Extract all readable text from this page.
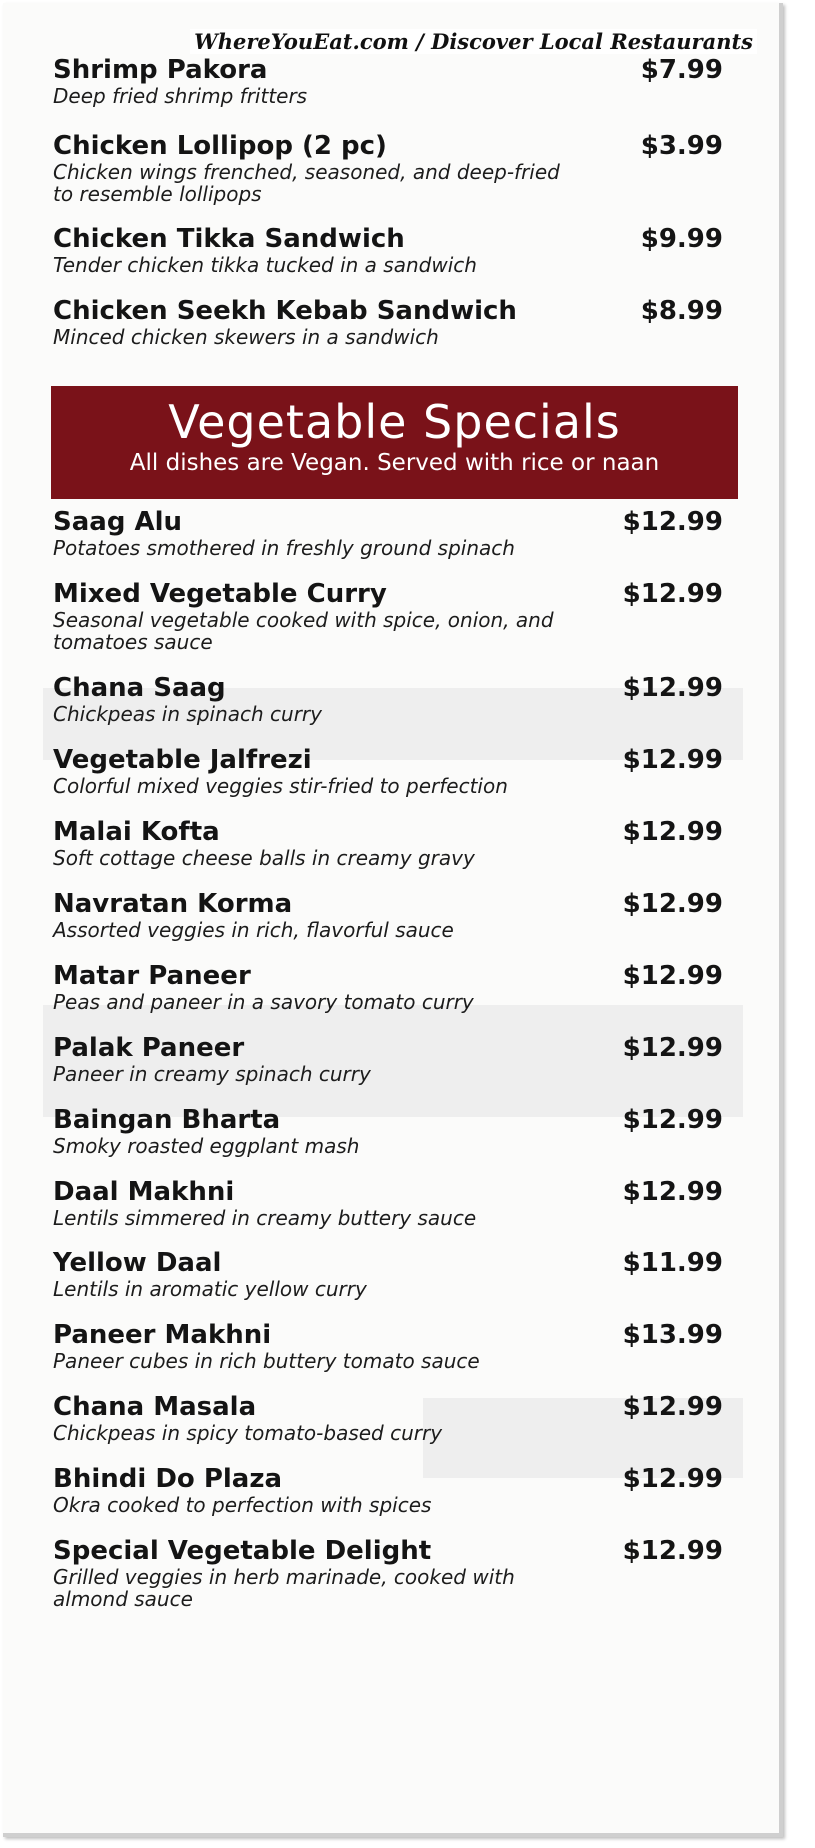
WhereYouEat.com / Discover Local Restaurants
Shrimp Pakora
Deep fried shrimp fritters
$7.99
Chicken Lollipop (2 pc)
Chicken wings frenched, seasoned, and deep-fried to resemble lollipops
$3.99
Chicken Tikka Sandwich
Tender chicken tikka tucked in a sandwich
$9.99
Chicken Seekh Kebab Sandwich
Minced chicken skewers in a sandwich
$8.99
Vegetable Specials
All dishes are Vegan. Served with rice or naan
Saag Alu
Potatoes smothered in freshly ground spinach
$12.99
Mixed Vegetable Curry
Seasonal vegetable cooked with spice, onion, and tomatoes sauce
$12.99
Chana Saag
Chickpeas in spinach curry
$12.99
Vegetable Jalfrezi
Colorful mixed veggies stir-fried to perfection
$12.99
Malai Kofta
Soft cottage cheese balls in creamy gravy
$12.99
Navratan Korma
Assorted veggies in rich, flavorful sauce
$12.99
Matar Paneer
Peas and paneer in a savory tomato curry
$12.99
Palak Paneer
Paneer in creamy spinach curry
$12.99
Baingan Bharta
Smoky roasted eggplant mash
$12.99
Daal Makhni
Lentils simmered in creamy buttery sauce
$12.99
Yellow Daal
Lentils in aromatic yellow curry
$11.99
Paneer Makhni
Paneer cubes in rich buttery tomato sauce
$13.99
Chana Masala
Chickpeas in spicy tomato-based curry
$12.99
Bhindi Do Plaza
Okra cooked to perfection with spices
$12.99
Special Vegetable Delight
Grilled veggies in herb marinade, cooked with almond sauce
$12.99
